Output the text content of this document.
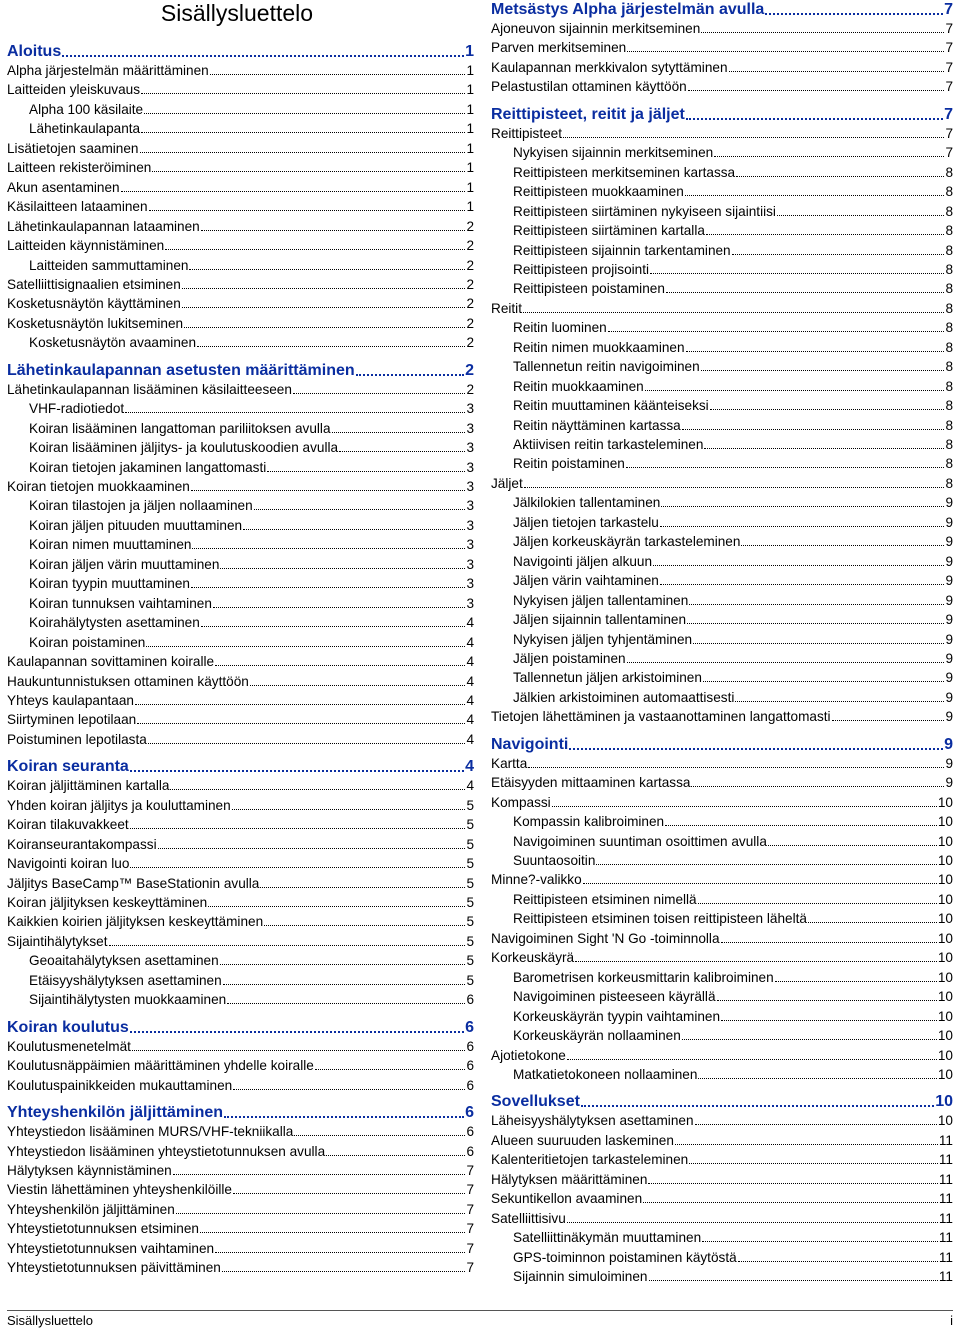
Sisällysluettelo
Aloitus	1
Alpha järjestelmän määrittäminen	1
Laitteiden yleiskuvaus	1
Alpha 100 käsilaite	1
Lähetinkaulapanta	1
Lisätietojen saaminen	1
Laitteen rekisteröiminen	1
Akun asentaminen	1
Käsilaitteen lataaminen	1
Lähetinkaulapannan lataaminen	2
Laitteiden käynnistäminen	2
Laitteiden sammuttaminen	2
Satelliittisignaalien etsiminen	2
Kosketusnäytön käyttäminen	2
Kosketusnäytön lukitseminen	2
Kosketusnäytön avaaminen	2
Lähetinkaulapannan asetusten määrittäminen	2
Lähetinkaulapannan lisääminen käsilaitteeseen	2
VHF-radiotiedot	3
Koiran lisääminen langattoman pariliitoksen avulla	3
Koiran lisääminen jäljitys- ja koulutuskoodien avulla	3
Koiran tietojen jakaminen langattomasti	3
Koiran tietojen muokkaaminen	3
Koiran tilastojen ja jäljen nollaaminen	3
Koiran jäljen pituuden muuttaminen	3
Koiran nimen muuttaminen	3
Koiran jäljen värin muuttaminen	3
Koiran tyypin muuttaminen	3
Koiran tunnuksen vaihtaminen	3
Koirahälytysten asettaminen	4
Koiran poistaminen	4
Kaulapannan sovittaminen koiralle	4
Haukuntunnistuksen ottaminen käyttöön	4
Yhteys kaulapantaan	4
Siirtyminen lepotilaan	4
Poistuminen lepotilasta	4
Koiran seuranta	4
Koiran jäljittäminen kartalla	4
Yhden koiran jäljitys ja kouluttaminen	5
Koiran tilakuvakkeet	5
Koiranseurantakompassi	5
Navigointi koiran luo	5
Jäljitys BaseCamp™ BaseStationin avulla	5
Koiran jäljityksen keskeyttäminen	5
Kaikkien koirien jäljityksen keskeyttäminen	5
Sijaintihälytykset	5
Geoaitahälytyksen asettaminen	5
Etäisyyshälytyksen asettaminen	5
Sijaintihälytysten muokkaaminen	6
Koiran koulutus	6
Koulutusmenetelmät	6
Koulutusnäppäimien määrittäminen yhdelle koiralle	6
Koulutuspainikkeiden mukauttaminen	6
Yhteyshenkilön jäljittäminen	6
Yhteystiedon lisääminen MURS/VHF-tekniikalla	6
Yhteystiedon lisääminen yhteystietotunnuksen avulla	6
Hälytyksen käynnistäminen	7
Viestin lähettäminen yhteyshenkilöille	7
Yhteyshenkilön jäljittäminen	7
Yhteystietotunnuksen etsiminen	7
Yhteystietotunnuksen vaihtaminen	7
Yhteystietotunnuksen päivittäminen	7
Metsästys Alpha järjestelmän avulla	7
Ajoneuvon sijainnin merkitseminen	7
Parven merkitseminen	7
Kaulapannan merkkivalon sytyttäminen	7
Pelastustilan ottaminen käyttöön	7
Reittipisteet, reitit ja jäljet	7
Reittipisteet	7
Nykyisen sijainnin merkitseminen	7
Reittipisteen merkitseminen kartassa	8
Reittipisteen muokkaaminen	8
Reittipisteen siirtäminen nykyiseen sijaintiisi	8
Reittipisteen siirtäminen kartalla	8
Reittipisteen sijainnin tarkentaminen	8
Reittipisteen projisointi	8
Reittipisteen poistaminen	8
Reitit	8
Reitin luominen	8
Reitin nimen muokkaaminen	8
Tallennetun reitin navigoiminen	8
Reitin muokkaaminen	8
Reitin muuttaminen käänteiseksi	8
Reitin näyttäminen kartassa	8
Aktiivisen reitin tarkasteleminen	8
Reitin poistaminen	8
Jäljet	8
Jälkilokien tallentaminen	9
Jäljen tietojen tarkastelu	9
Jäljen korkeuskäyrän tarkasteleminen	9
Navigointi jäljen alkuun	9
Jäljen värin vaihtaminen	9
Nykyisen jäljen tallentaminen	9
Jäljen sijainnin tallentaminen	9
Nykyisen jäljen tyhjentäminen	9
Jäljen poistaminen	9
Tallennetun jäljen arkistoiminen	9
Jälkien arkistoiminen automaattisesti	9
Tietojen lähettäminen ja vastaanottaminen langattomasti	9
Navigointi	9
Kartta	9
Etäisyyden mittaaminen kartassa	9
Kompassi	10
Kompassin kalibroiminen	10
Navigoiminen suuntiman osoittimen avulla	10
Suuntaosoitin	10
Minne?-valikko	10
Reittipisteen etsiminen nimellä	10
Reittipisteen etsiminen toisen reittipisteen läheltä	10
Navigoiminen Sight 'N Go -toiminnolla	10
Korkeuskäyrä	10
Barometrisen korkeusmittarin kalibroiminen	10
Navigoiminen pisteeseen käyrällä	10
Korkeuskäyrän tyypin vaihtaminen	10
Korkeuskäyrän nollaaminen	10
Ajotietokone	10
Matkatietokoneen nollaaminen	10
Sovellukset	10
Läheisyyshälytyksen asettaminen	10
Alueen suuruuden laskeminen	11
Kalenteritietojen tarkasteleminen	11
Hälytyksen määrittäminen	11
Sekuntikellon avaaminen	11
Satelliittisivu	11
Satelliittinäkymän muuttaminen	11
GPS-toiminnon poistaminen käytöstä	11
Sijainnin simuloiminen	11
Sisällysluettelo	i
